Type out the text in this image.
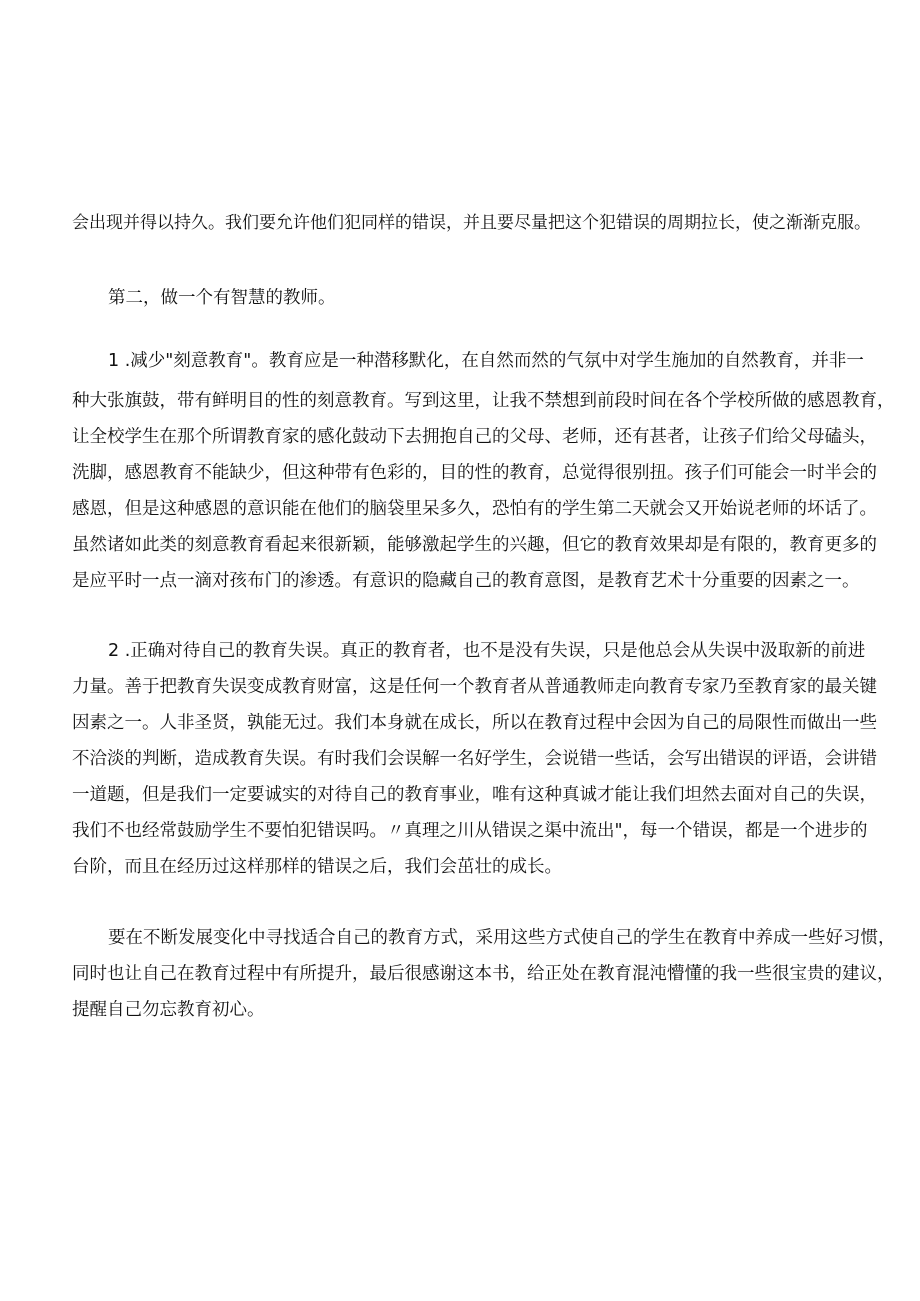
会出现并得以持久。我们要允许他们犯同样的错误，并且要尽量把这个犯错误的周期拉长，使之渐渐克服。
第二，做一个有智慧的教师。
1 .减少"刻意教育"。教育应是一种潜移默化，在自然而然的气氛中对学生施加的自然教育，并非一
种大张旗鼓，带有鲜明目的性的刻意教育。写到这里，让我不禁想到前段时间在各个学校所做的感恩教育，
让全校学生在那个所谓教育家的感化鼓动下去拥抱自己的父母、老师，还有甚者，让孩子们给父母磕头，
洗脚，感恩教育不能缺少，但这种带有色彩的，目的性的教育，总觉得很别扭。孩子们可能会一时半会的
感恩，但是这种感恩的意识能在他们的脑袋里呆多久，恐怕有的学生第二天就会又开始说老师的坏话了。
虽然诸如此类的刻意教育看起来很新颖，能够激起学生的兴趣，但它的教育效果却是有限的，教育更多的
是应平时一点一滴对孩布门的渗透。有意识的隐藏自己的教育意图，是教育艺术十分重要的因素之一。
2 .正确对待自己的教育失误。真正的教育者，也不是没有失误，只是他总会从失误中汲取新的前进
力量。善于把教育失误变成教育财富，这是任何一个教育者从普通教师走向教育专家乃至教育家的最关键
因素之一。人非圣贤，孰能无过。我们本身就在成长，所以在教育过程中会因为自己的局限性而做出一些
不洽淡的判断，造成教育失误。有时我们会误解一名好学生，会说错一些话，会写出错误的评语，会讲错
一道题，但是我们一定要诚实的对待自己的教育事业，唯有这种真诚才能让我们坦然去面对自己的失误，
我们不也经常鼓励学生不要怕犯错误吗。〃真理之川从错误之渠中流出"，每一个错误，都是一个进步的
台阶，而且在经历过这样那样的错误之后，我们会茁壮的成长。
要在不断发展变化中寻找适合自己的教育方式，采用这些方式使自己的学生在教育中养成一些好习惯，
同时也让自己在教育过程中有所提升，最后很感谢这本书，给正处在教育混沌懵懂的我一些很宝贵的建议，
提醒自己勿忘教育初心。
